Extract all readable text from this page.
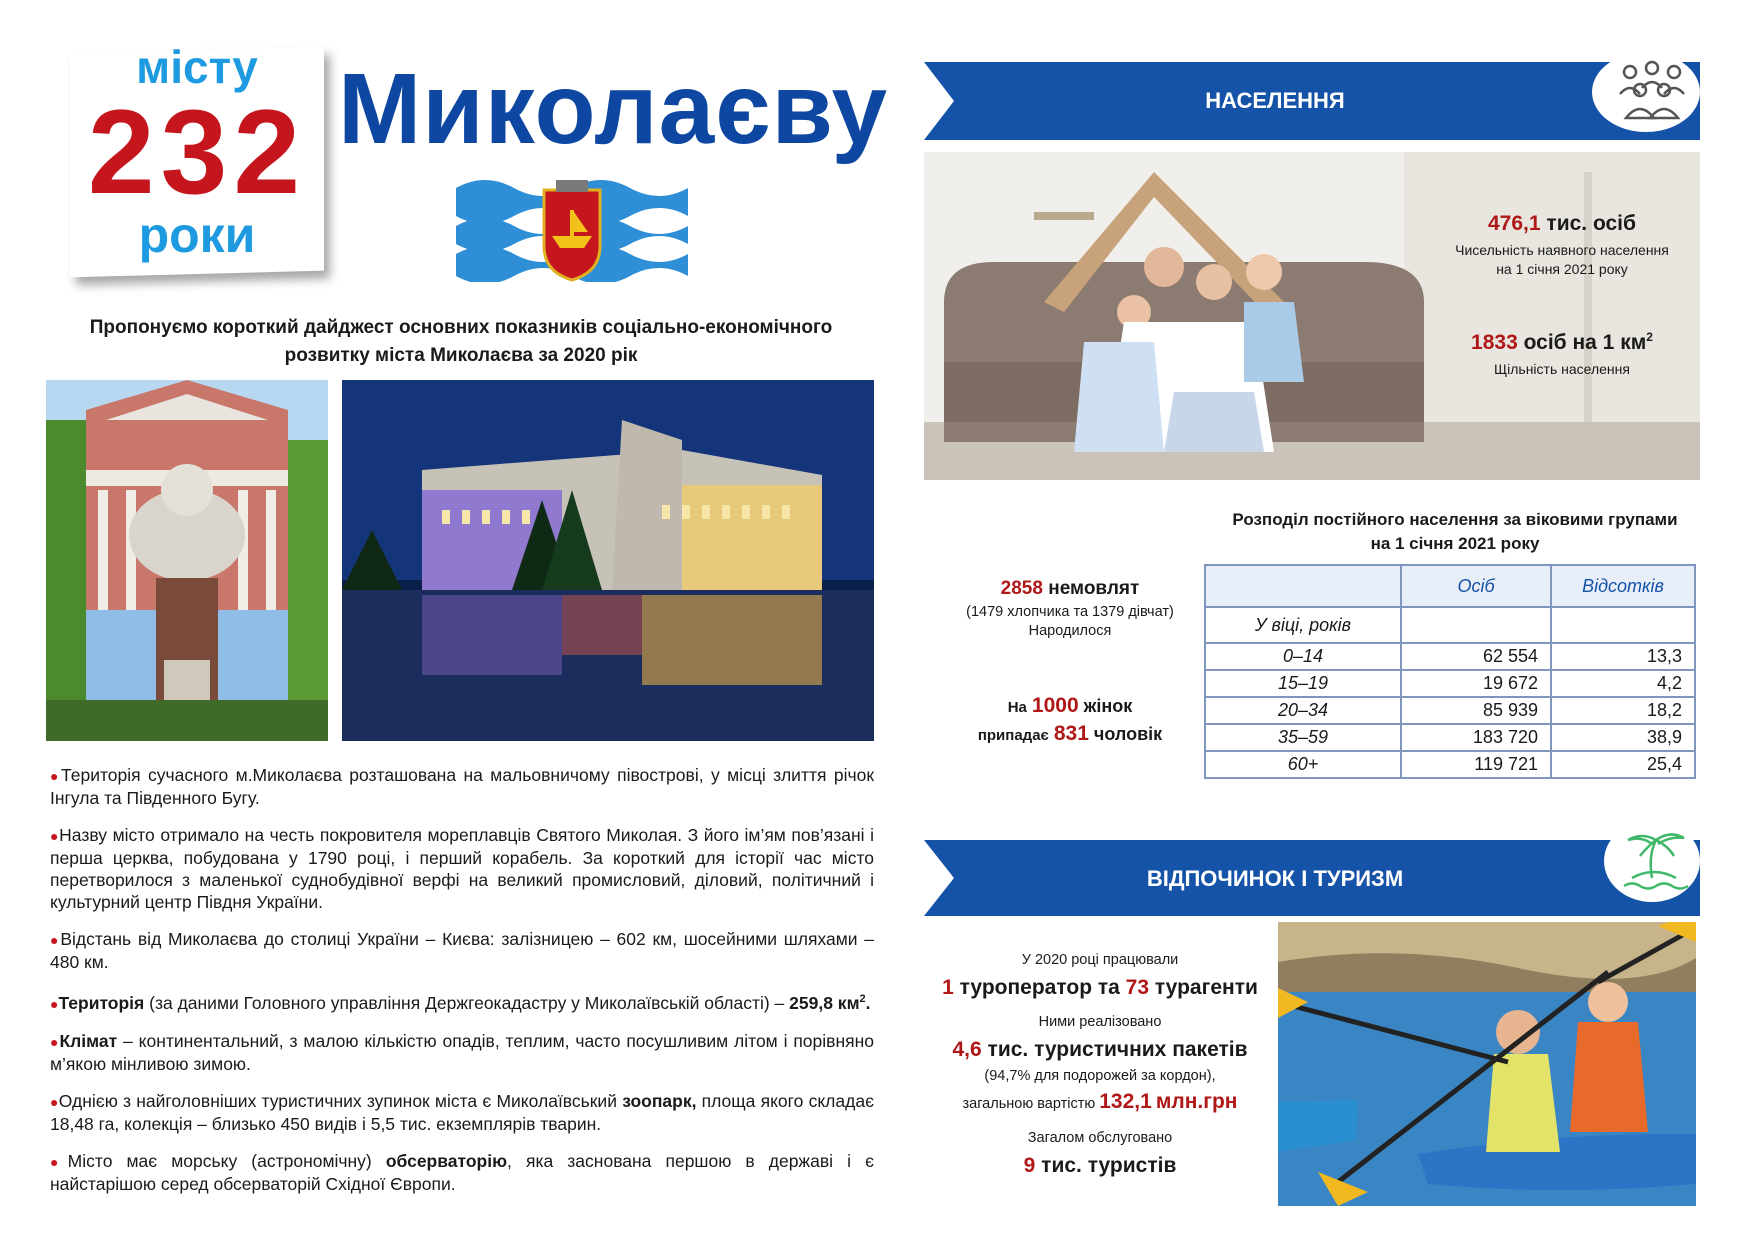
місту
232
роки
Миколаєву
Пропонуємо короткий дайджест основних показників соціально-економічного
розвитку міста Миколаєва за 2020 рік

●Територія сучасного м.Миколаєва розташована на мальовничому півострові, у місці злиття річок Інгула та Південного Бугу.

●Назву місто отримало на честь покровителя мореплавців Святого Миколая. З його ім’ям пов’язані і перша церква, побудована у 1790 році, і перший корабель. За короткий для історії час місто перетворилося з маленької суднобудівної верфі на великий промисловий, діловий, політичний і культурний центр Півдня України.

●Відстань від Миколаєва до столиці України – Києва: залізницею – 602 км, шосейними шляхами – 480 км.

●Територія (за даними Головного управління Держгеокадастру у Миколаївській області) – 259,8 $км^2$.

●Клімат – континентальний, з малою кількістю опадів, теплим, часто посушливим літом і порівняно м’якою мінливою зимою.

●Однією з найголовніших туристичних зупинок міста є Миколаївський зоопарк, площа якого складає 18,48 га, колекція – близько 450 видів і 5,5 тис. екземплярів тварин.

●Місто має морську (астрономічну) обсерваторію, яка заснована першою в державі і є найстарішою серед обсерваторій Східної Європи.

НАСЕЛЕННЯ
476,1 тис. осіб
Чисельність наявного населення
на 1 січня 2021 року
1833 осіб на 1 $км^2$
Щільність населення
Розподіл постійного населення за віковими групами
на 1 січня 2021 року
2858 немовлят
(1479 хлопчика та 1379 дівчат)
Народилося
На 1000 жінок
припадає 831 чоловік
	Осіб	Відсотків
У віці, років		
0–14	62 554	13,3
15–19	19 672	4,2
20–34	85 939	18,2
35–59	183 720	38,9
60+	119 721	25,4
ВІДПОЧИНОК І ТУРИЗМ
У 2020 році працювали
1 туроператор та 73 турагенти
Ними реалізовано
4,6 тис. туристичних пакетів
(94,7% для подорожей за кордон),
загальною вартістю 132,1 млн.грн
Загалом обслуговано
9 тис. туристів
